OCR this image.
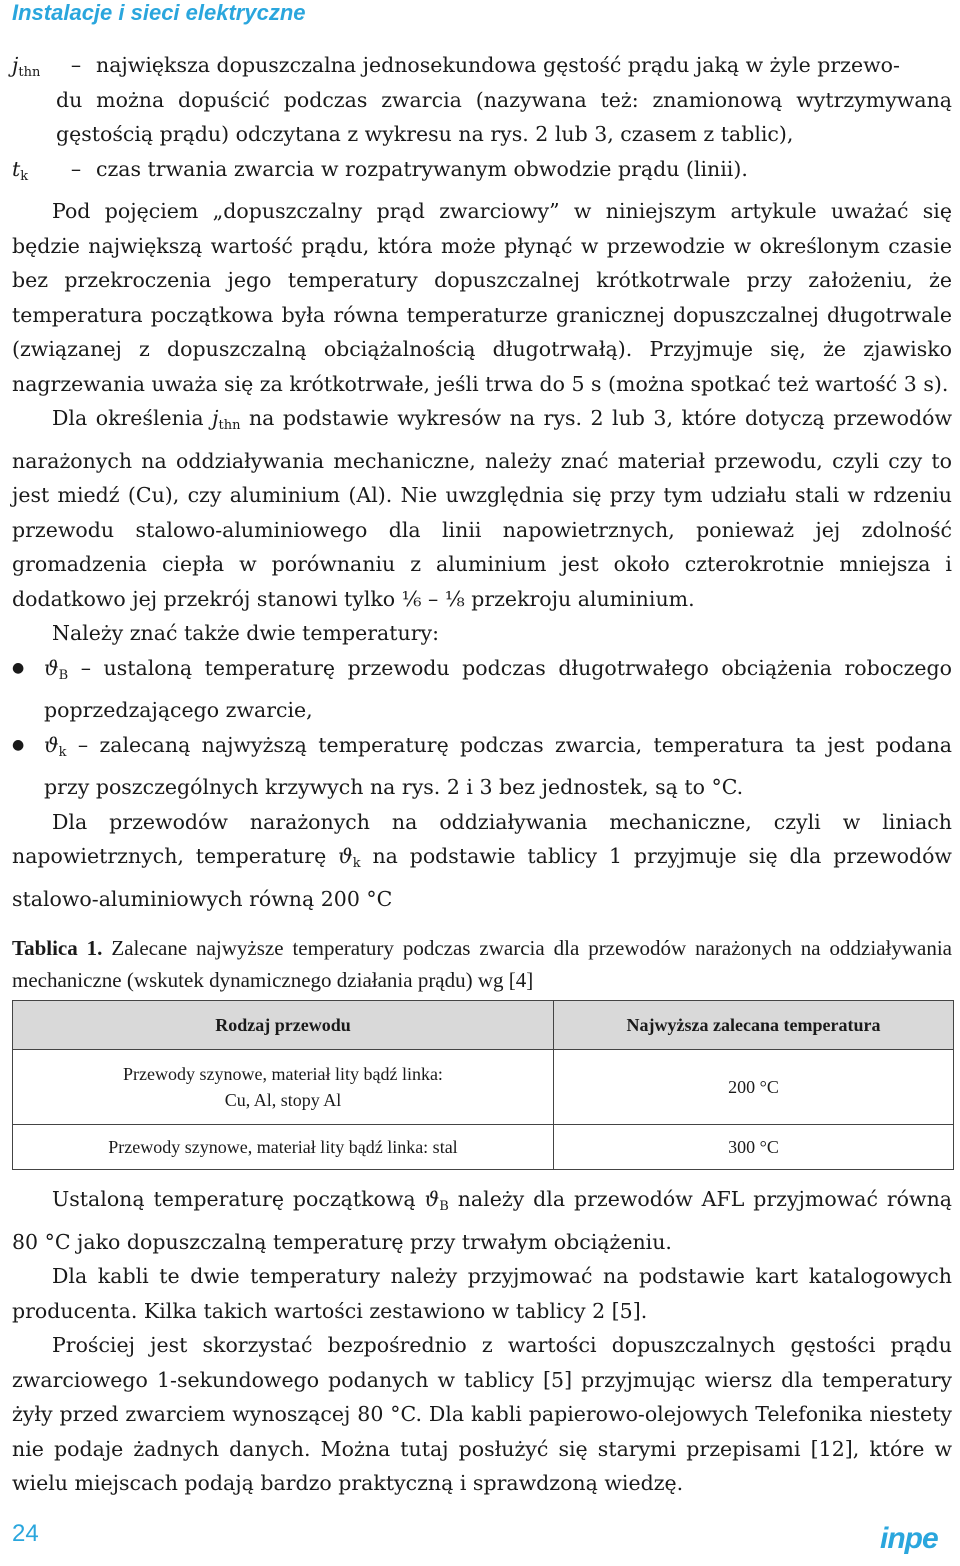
Instalacje i sieci elektryczne
$j_{thn}$	– największa dopuszczalna jednosekundowa gęstość prądu jaką w żyle przewo-
du można dopuścić podczas zwarcia (nazywana też: znamionową wytrzymywaną gęstością prądu) odczytana z wykresu na rys. 2 lub 3, czasem z tablic),
$t_k$	– czas trwania zwarcia w rozpatrywanym obwodzie prądu (linii).

Pod pojęciem „dopuszczalny prąd zwarciowy” w niniejszym artykule uważać się będzie największą wartość prądu, która może płynąć w przewodzie w określonym czasie bez przekroczenia jego temperatury dopuszczalnej krótkotrwale przy założeniu, że temperatura początkowa była równa temperaturze granicznej dopuszczalnej długotrwale (związanej z dopuszczalną obciążalnością długotrwałą). Przyjmuje się, że zjawisko nagrzewania uważa się za krótkotrwałe, jeśli trwa do 5 s (można spotkać też wartość 3 s).

Dla określenia $j_{thn}$ na podstawie wykresów na rys. 2 lub 3, które dotyczą przewodów narażonych na oddziaływania mechaniczne, należy znać materiał przewodu, czyli czy to jest miedź (Cu), czy aluminium (Al). Nie uwzględnia się przy tym udziału stali w rdzeniu przewodu stalowo-aluminiowego dla linii napowietrznych, ponieważ jej zdolność gromadzenia ciepła w porównaniu z aluminium jest około czterokrotnie mniejsza i dodatkowo jej przekrój stanowi tylko ⅙ – ⅛ przekroju aluminium.

Należy znać także dwie temperatury:

● $ϑ_B$ – ustaloną temperaturę przewodu podczas długotrwałego obciążenia roboczego poprzedzającego zwarcie,
● $ϑ_k$ – zalecaną najwyższą temperaturę podczas zwarcia, temperatura ta jest podana przy poszczególnych krzywych na rys. 2 i 3 bez jednostek, są to °C.

Dla przewodów narażonych na oddziaływania mechaniczne, czyli w liniach napowietrznych, temperaturę $ϑ_k$ na podstawie tablicy 1 przyjmuje się dla przewodów stalowo-aluminiowych równą 200 °C

Tablica 1. Zalecane najwyższe temperatury podczas zwarcia dla przewodów narażonych na oddziaływania mechaniczne (wskutek dynamicznego działania prądu) wg [4]
Rodzaj przewodu	Najwyższa zalecana temperatura
Przewody szynowe, materiał lity bądź linka:
Cu, Al, stopy Al	200 °C
Przewody szynowe, materiał lity bądź linka: stal	300 °C

Ustaloną temperaturę początkową $ϑ_B$ należy dla przewodów AFL przyjmować równą 80 °C jako dopuszczalną temperaturę przy trwałym obciążeniu.

Dla kabli te dwie temperatury należy przyjmować na podstawie kart katalogowych producenta. Kilka takich wartości zestawiono w tablicy 2 [5].

Prościej jest skorzystać bezpośrednio z wartości dopuszczalnych gęstości prądu zwarciowego 1-sekundowego podanych w tablicy [5] przyjmując wiersz dla temperatury żyły przed zwarciem wynoszącej 80 °C. Dla kabli papierowo-olejowych Telefonika niestety nie podaje żadnych danych. Można tutaj posłużyć się starymi przepisami [12], które w wielu miejscach podają bardzo praktyczną i sprawdzoną wiedzę.

24	inpe
